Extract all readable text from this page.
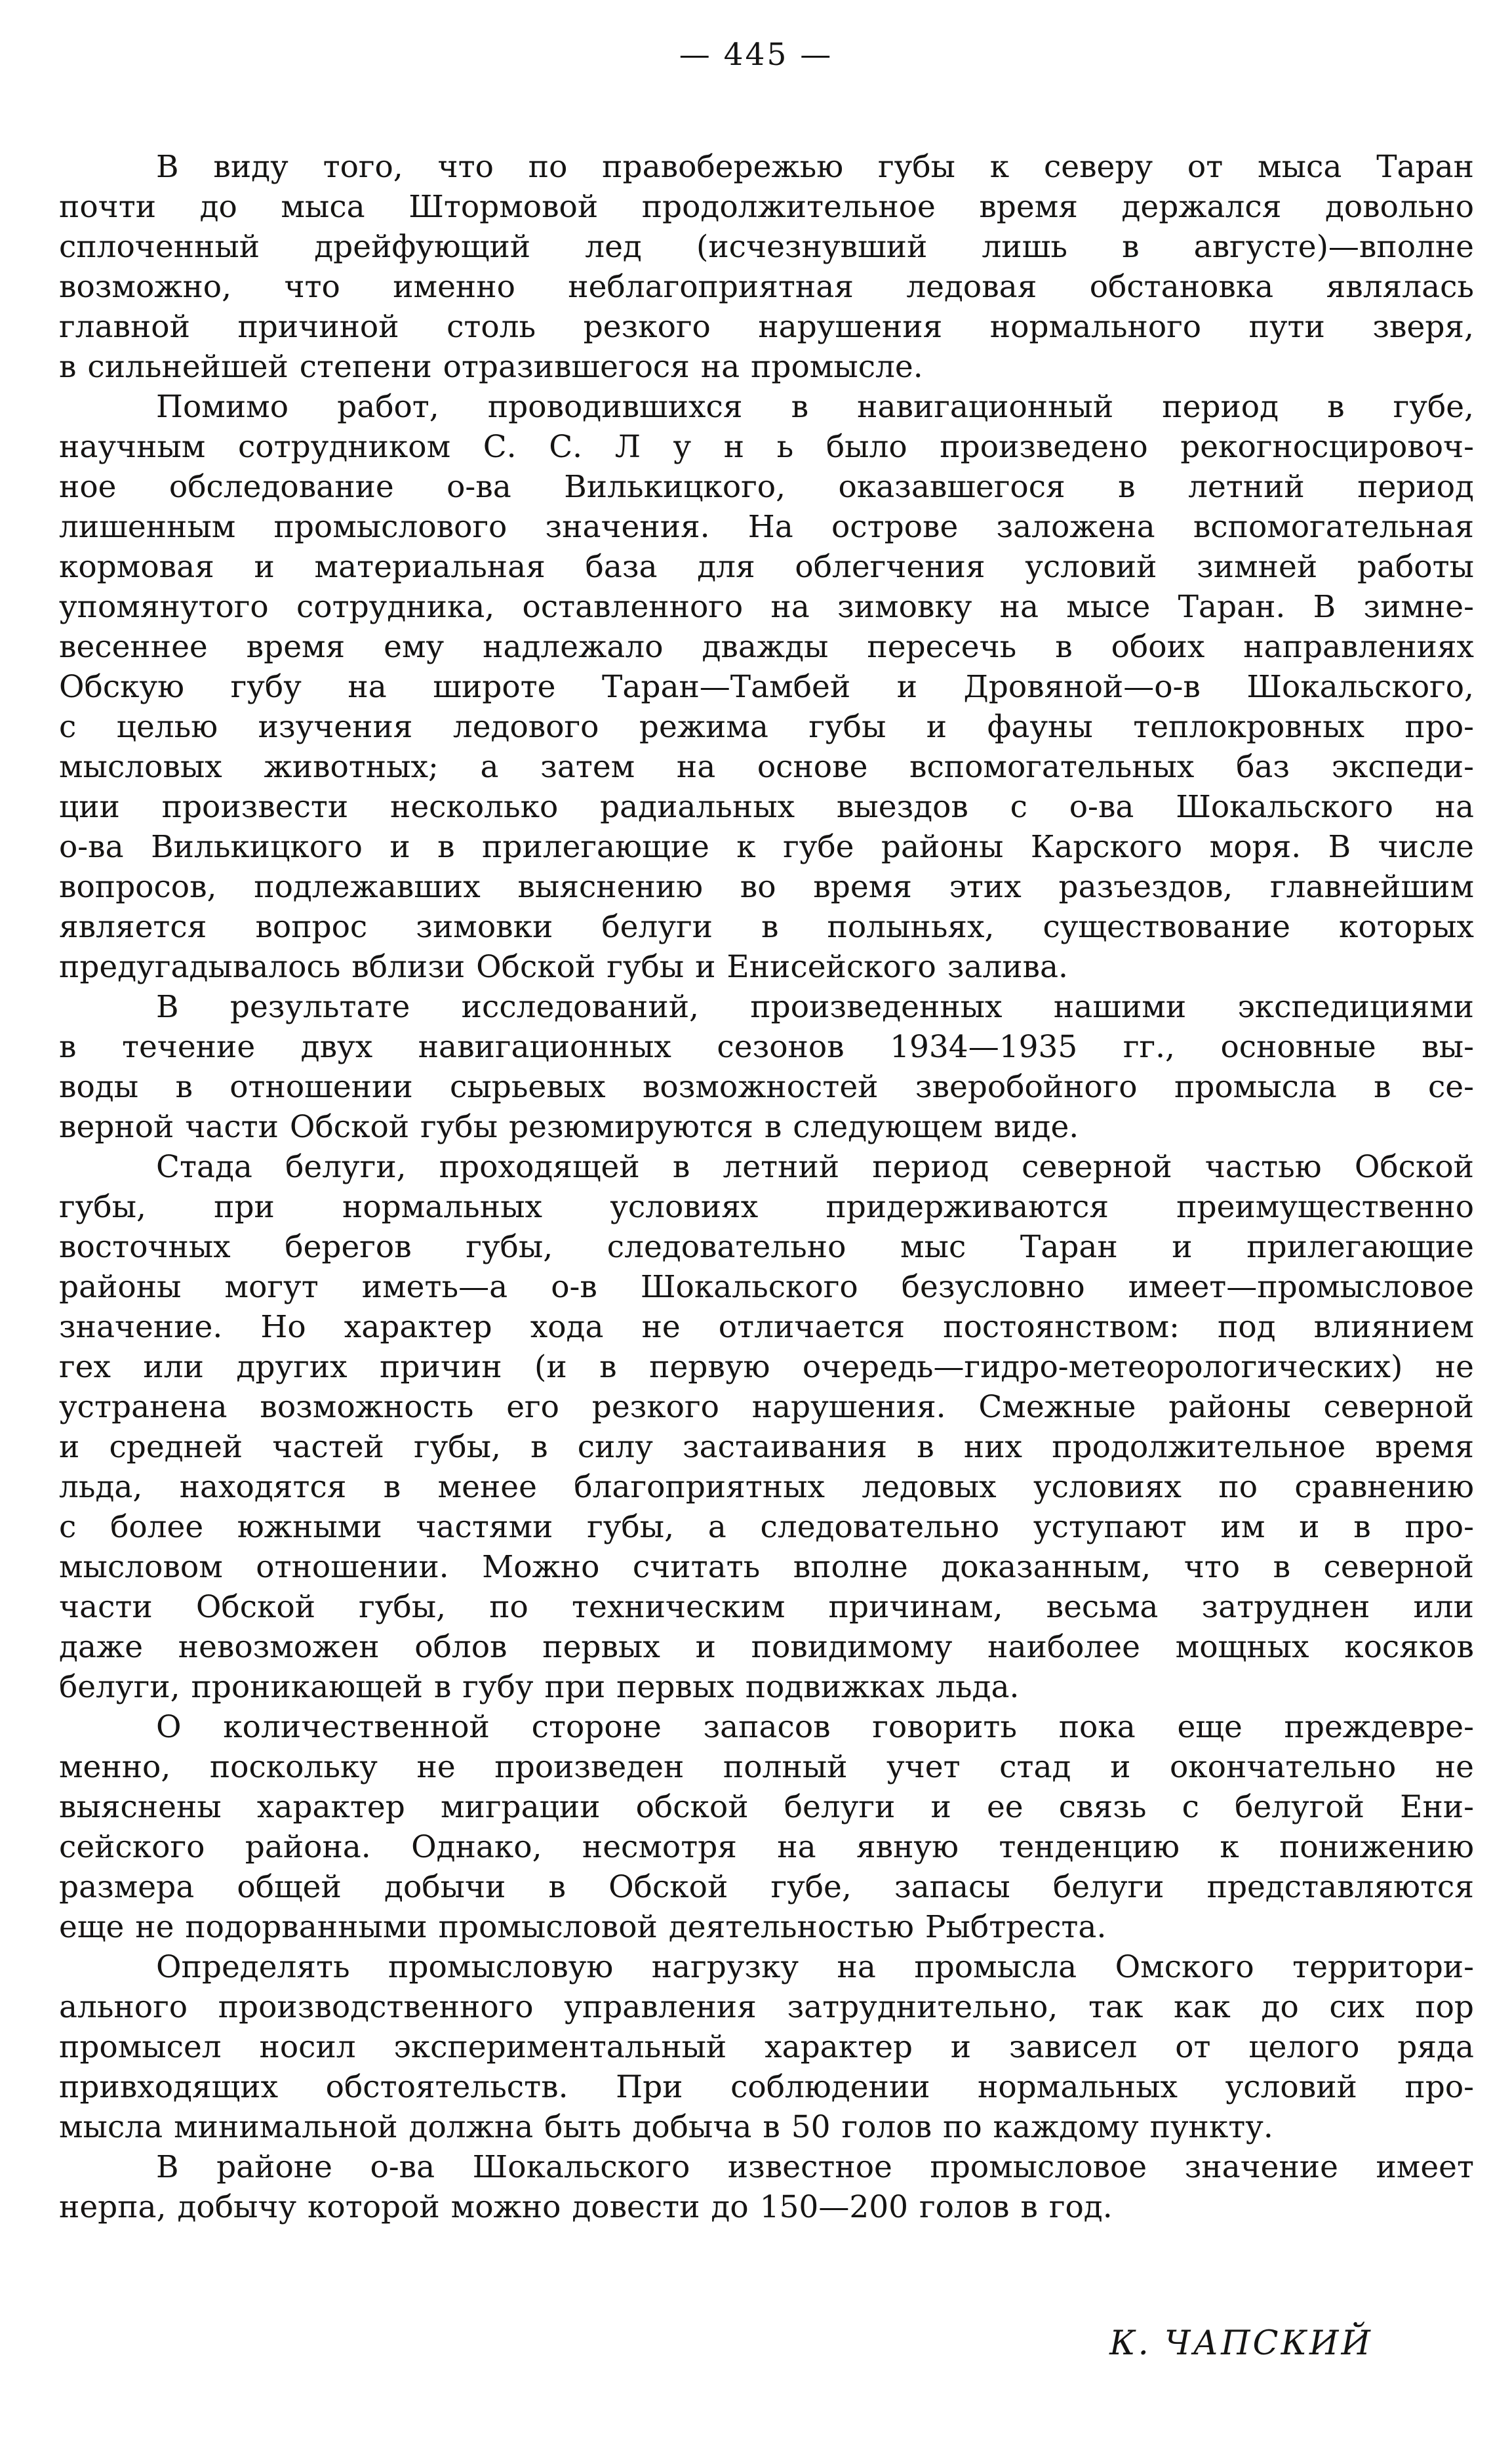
— 445 —
В виду того, что по правобережью губы к северу от мыса Таран
почти до мыса Штормовой продолжительное время держался довольно
сплоченный дрейфующий лед (исчезнувший лишь в августе)—вполне
возможно, что именно неблагоприятная ледовая обстановка являлась
главной причиной столь резкого нарушения нормального пути зверя,
в сильнейшей степени отразившегося на промысле.
Помимо работ, проводившихся в навигационный период в губе,
научным сотрудником С. С. Л у н ь было произведено рекогносцировоч-
ное обследование о-ва Вилькицкого, оказавшегося в летний период
лишенным промыслового значения. На острове заложена вспомогательная
кормовая и материальная база для облегчения условий зимней работы
упомянутого сотрудника, оставленного на зимовку на мысе Таран. В зимне-
весеннее время ему надлежало дважды пересечь в обоих направлениях
Обскую губу на широте Таран—Тамбей и Дровяной—о-в Шокальского,
с целью изучения ледового режима губы и фауны теплокровных про-
мысловых животных; а затем на основе вспомогательных баз экспеди-
ции произвести несколько радиальных выездов с о-ва Шокальского на
о-ва Вилькицкого и в прилегающие к губе районы Карского моря. В числе
вопросов, подлежавших выяснению во время этих разъездов, главнейшим
является вопрос зимовки белуги в полыньях, существование которых
предугадывалось вблизи Обской губы и Енисейского залива.
В результате исследований, произведенных нашими экспедициями
в течение двух навигационных сезонов 1934—1935 гг., основные вы-
воды в отношении сырьевых возможностей зверобойного промысла в се-
верной части Обской губы резюмируются в следующем виде.
Стада белуги, проходящей в летний период северной частью Обской
губы, при нормальных условиях придерживаются преимущественно
восточных берегов губы, следовательно мыс Таран и прилегающие
районы могут иметь—а о-в Шокальского безусловно имеет—промысловое
значение. Но характер хода не отличается постоянством: под влиянием
гех или других причин (и в первую очередь—гидро-метеорологических) не
устранена возможность его резкого нарушения. Смежные районы северной
и средней частей губы, в силу застаивания в них продолжительное время
льда, находятся в менее благоприятных ледовых условиях по сравнению
с более южными частями губы, а следовательно уступают им и в про-
мысловом отношении. Можно считать вполне доказанным, что в северной
части Обской губы, по техническим причинам, весьма затруднен или
даже невозможен облов первых и повидимому наиболее мощных косяков
белуги, проникающей в губу при первых подвижках льда.
О количественной стороне запасов говорить пока еще преждевре-
менно, поскольку не произведен полный учет стад и окончательно не
выяснены характер миграции обской белуги и ее связь с белугой Ени-
сейского района. Однако, несмотря на явную тенденцию к понижению
размера общей добычи в Обской губе, запасы белуги представляются
еще не подорванными промысловой деятельностью Рыбтреста.
Определять промысловую нагрузку на промысла Омского территори-
ального производственного управления затруднительно, так как до сих пор
промысел носил экспериментальный характер и зависел от целого ряда
привходящих обстоятельств. При соблюдении нормальных условий про-
мысла минимальной должна быть добыча в 50 голов по каждому пункту.
В районе о-ва Шокальского известное промысловое значение имеет
нерпа, добычу которой можно довести до 150—200 голов в год.
К. ЧАПСКИЙ
